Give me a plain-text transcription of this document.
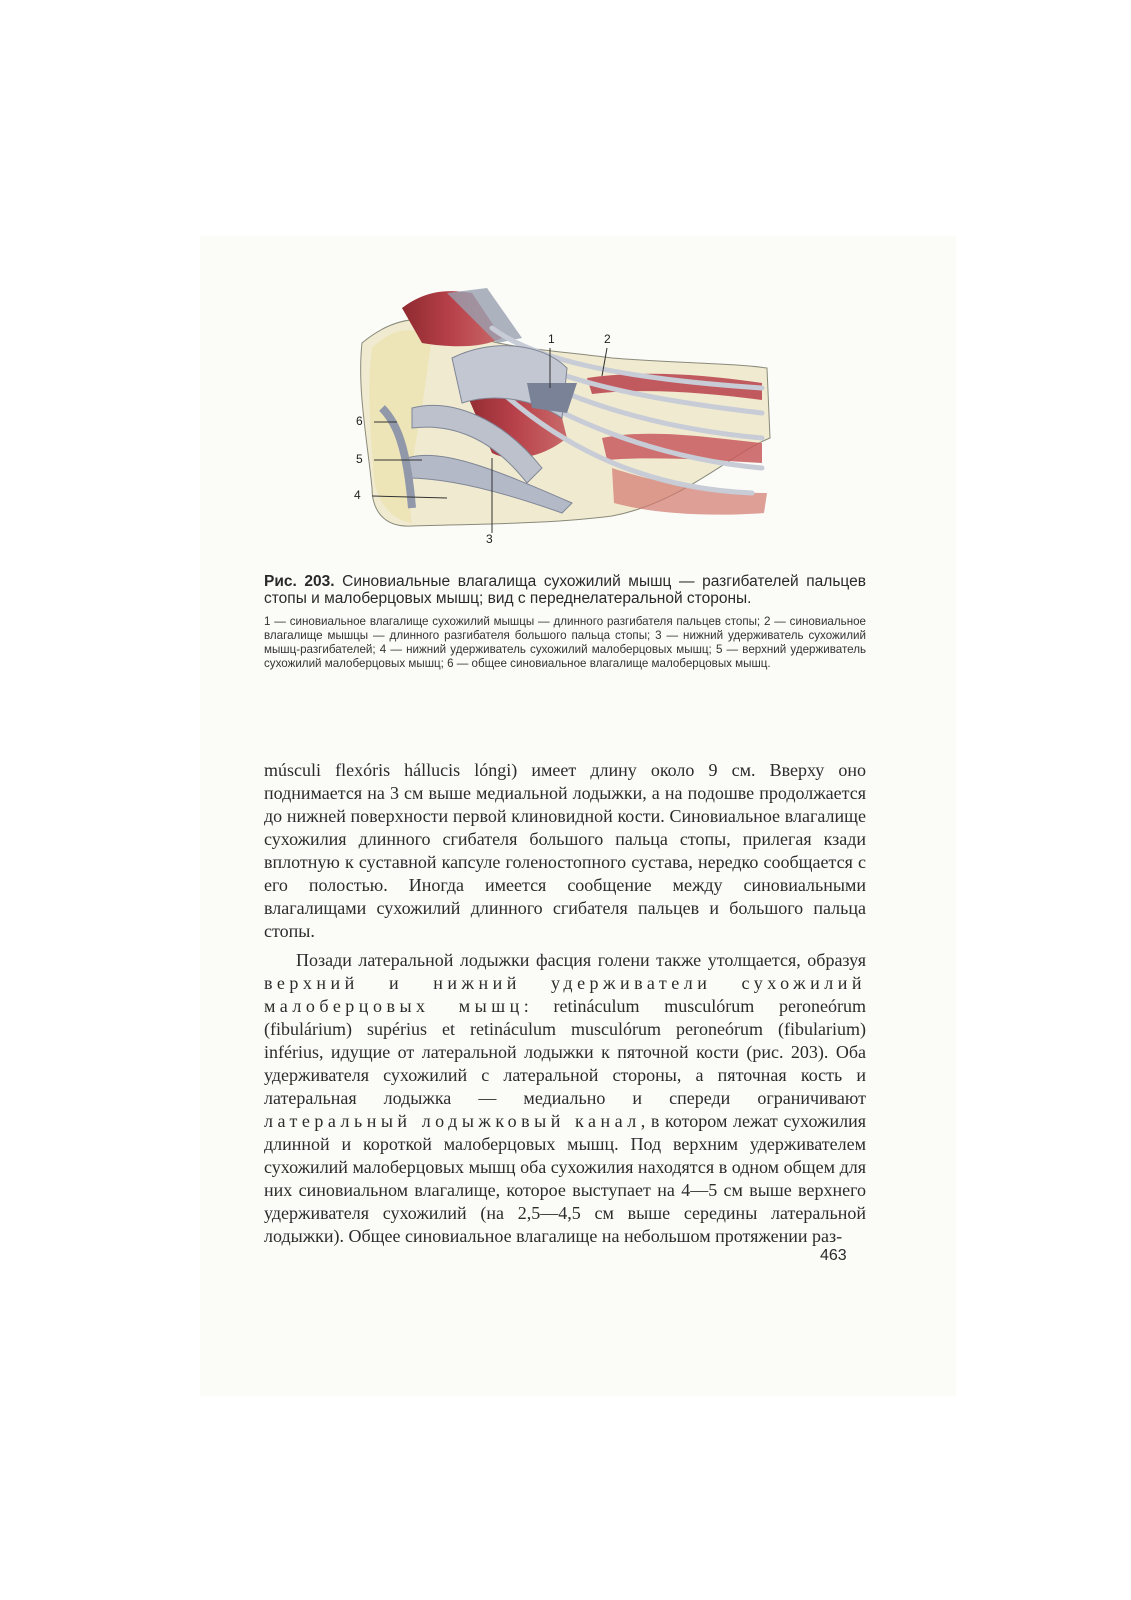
1	2
3
4
5
6

Рис. 203. Синовиальные влагалища сухожилий мышц — разгибателей пальцев стопы и малоберцовых мышц; вид с переднелатеральной стороны.

1 — синовиальное влагалище сухожилий мышцы — длинного разгибателя пальцев стопы; 2 — синовиальное влагалище мышцы — длинного разгибателя большого пальца стопы; 3 — нижний удерживатель сухожилий мышц-разгибателей; 4 — нижний удерживатель сухожилий малоберцовых мышц; 5 — верхний удерживатель сухожилий малоберцовых мышц; 6 — общее синовиальное влагалище малоберцовых мышц.

músculi flexóris hállucis lóngi) имеет длину около 9 см. Вверху оно поднимается на 3 см выше медиальной лодыжки, а на подошве продолжается до нижней поверхности первой клиновидной кости. Синовиальное влагалище сухожилия длинного сгибателя большого пальца стопы, прилегая кзади вплотную к суставной капсуле голеностопного сустава, нередко сообщается с его полостью. Иногда имеется сообщение между синовиальными влагалищами сухожилий длинного сгибателя пальцев и большого пальца стопы.

Позади латеральной лодыжки фасция голени также утолщается, образуя верхний и нижний удерживатели сухожилий малоберцовых мышц: retináculum musculórum peroneórum (fibulárium) supérius et retináculum musculórum peroneórum (fibularium) inférius, идущие от латеральной лодыжки к пяточной кости (рис. 203). Оба удерживателя сухожилий с латеральной стороны, а пяточная кость и латеральная лодыжка — медиально и спереди ограничивают латеральный лодыжковый канал, в котором лежат сухожилия длинной и короткой малоберцовых мышц. Под верхним удерживателем сухожилий малоберцовых мышц оба сухожилия находятся в одном общем для них синовиальном влагалище, которое выступает на 4—5 см выше верхнего удерживателя сухожилий (на 2,5—4,5 см выше середины латеральной лодыжки). Общее синовиальное влагалище на небольшом протяжении раз-

463
